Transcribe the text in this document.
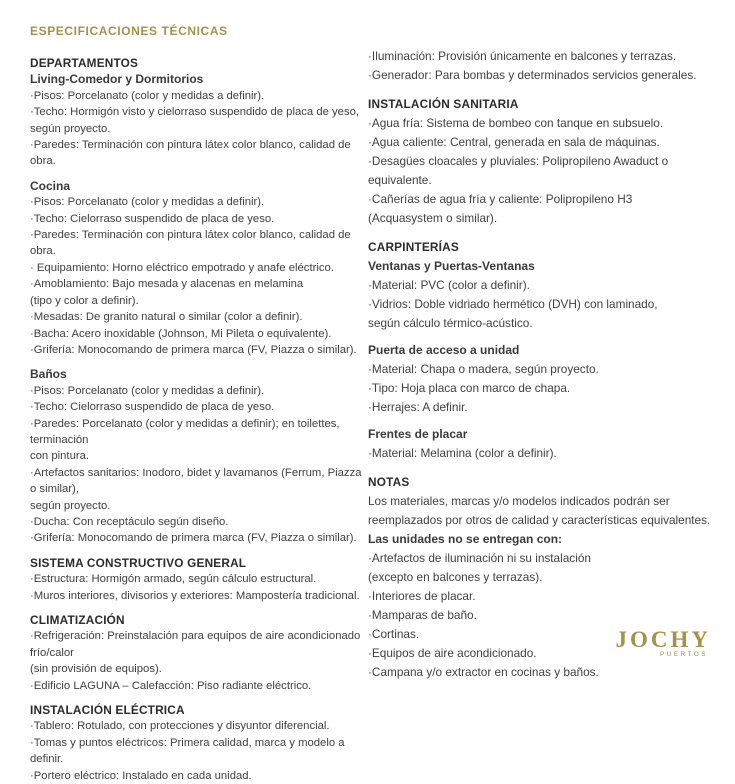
ESPECIFICACIONES TÉCNICAS
DEPARTAMENTOS
Living-Comedor y Dormitorios

·Pisos: Porcelanato (color y medidas a definir).

·Techo: Hormigón visto y cielorraso suspendido de placa de yeso,

según proyecto.

·Paredes: Terminación con pintura látex color blanco, calidad de obra.

Cocina

·Pisos: Porcelanato (color y medidas a definir).

·Techo: Cielorraso suspendido de placa de yeso.

·Paredes: Terminación con pintura látex color blanco, calidad de obra.

· Equipamiento: Horno eléctrico empotrado y anafe eléctrico.

·Amoblamiento: Bajo mesada y alacenas en melamina

(tipo y color a definir).

·Mesadas: De granito natural o similar (color a definir).

·Bacha: Acero inoxidable (Johnson, Mi Pileta o equivalente).

·Grifería: Monocomando de primera marca (FV, Piazza o similar).

Baños

·Pisos: Porcelanato (color y medidas a definir).

·Techo: Cielorraso suspendido de placa de yeso.

·Paredes: Porcelanato (color y medidas a definir); en toilettes, terminación

con pintura.

·Artefactos sanitarios: Inodoro, bidet y lavamanos (Ferrum, Piazza o similar),

según proyecto.

·Ducha: Con receptáculo según diseño.

·Grifería: Monocomando de primera marca (FV, Piazza o similar).

SISTEMA CONSTRUCTIVO GENERAL

·Estructura: Hormigón armado, según cálculo estructural.

·Muros interiores, divisorios y exteriores: Mampostería tradicional.

CLIMATIZACIÓN

·Refrigeración: Preinstalación para equipos de aire acondicionado frío/calor

(sin provisión de equipos).

·Edificio LAGUNA – Calefacción: Piso radiante eléctrico.

INSTALACIÓN ELÉCTRICA

·Tablero: Rotulado, con protecciones y disyuntor diferencial.

·Tomas y puntos eléctricos: Primera calidad, marca y modelo a definir.

·Portero eléctrico: Instalado en cada unidad.

·Iluminación: Provisión únicamente en balcones y terrazas.

·Generador: Para bombas y determinados servicios generales.

INSTALACIÓN SANITARIA

·Agua fría: Sistema de bombeo con tanque en subsuelo.

·Agua caliente: Central, generada en sala de máquinas.

·Desagües cloacales y pluviales: Polipropileno Awaduct o equivalente.

·Cañerías de agua fría y caliente: Polipropileno H3

(Acquasystem o similar).

CARPINTERÍAS
Ventanas y Puertas-Ventanas

·Material: PVC (color a definir).

·Vidrios: Doble vidriado hermético (DVH) con laminado,

según cálculo térmico-acústico.

Puerta de acceso a unidad

·Material: Chapa o madera, según proyecto.

·Tipo: Hoja placa con marco de chapa.

·Herrajes: A definir.

Frentes de placar

·Material: Melamina (color a definir).

NOTAS

Los materiales, marcas y/o modelos indicados podrán ser

reemplazados por otros de calidad y características equivalentes.

Las unidades no se entregan con:

·Artefactos de iluminación ni su instalación

(excepto en balcones y terrazas).

·Interiores de placar.

·Mamparas de baño.

·Cortinas.

·Equipos de aire acondicionado.

·Campana y/o extractor en cocinas y baños.

JOCHY
PUERTOS
